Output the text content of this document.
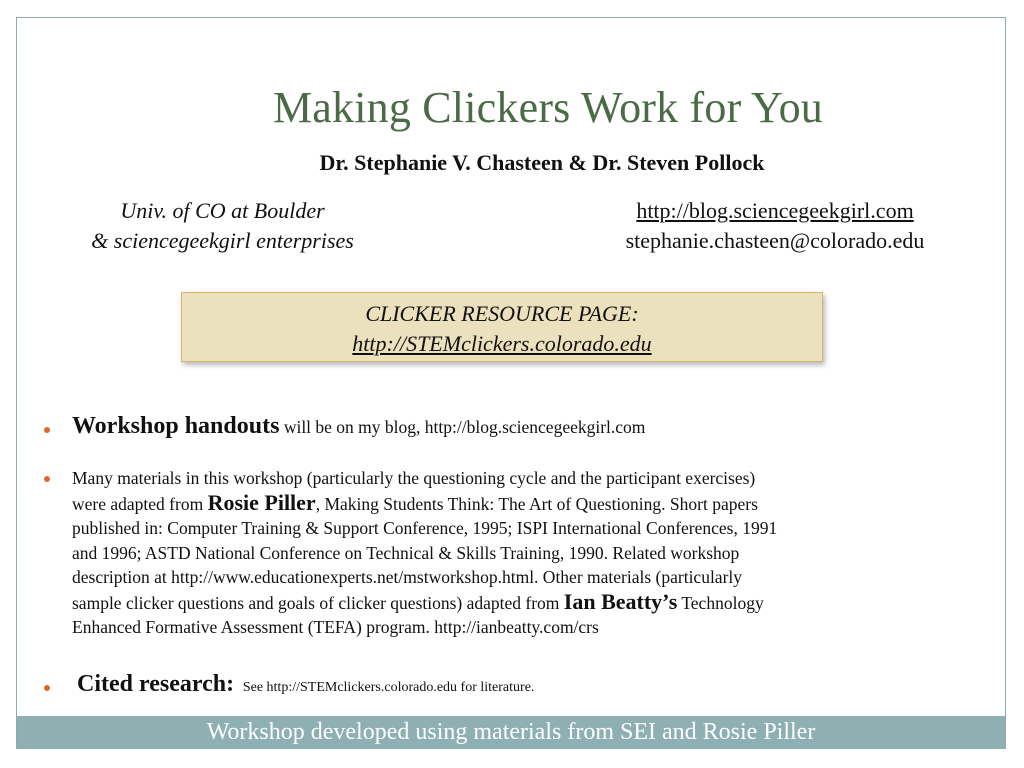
Making Clickers Work for You
Dr. Stephanie V. Chasteen & Dr. Steven Pollock
Univ. of CO at Boulder
& sciencegeekgirl enterprises
http://blog.sciencegeekgirl.com
stephanie.chasteen@colorado.edu
CLICKER RESOURCE PAGE:
http://STEMclickers.colorado.edu
Workshop handouts will be on my blog, http://blog.sciencegeekgirl.com
Many materials in this workshop (particularly the questioning cycle and the participant exercises)
were adapted from Rosie Piller, Making Students Think: The Art of Questioning. Short papers
published in: Computer Training & Support Conference, 1995; ISPI International Conferences, 1991
and 1996; ASTD National Conference on Technical & Skills Training, 1990. Related workshop
description at http://www.educationexperts.net/mstworkshop.html. Other materials (particularly
sample clicker questions and goals of clicker questions) adapted from Ian Beatty’s Technology
Enhanced Formative Assessment (TEFA) program. http://ianbeatty.com/crs
Cited research: See http://STEMclickers.colorado.edu for literature.
Workshop developed using materials from SEI and Rosie Piller
